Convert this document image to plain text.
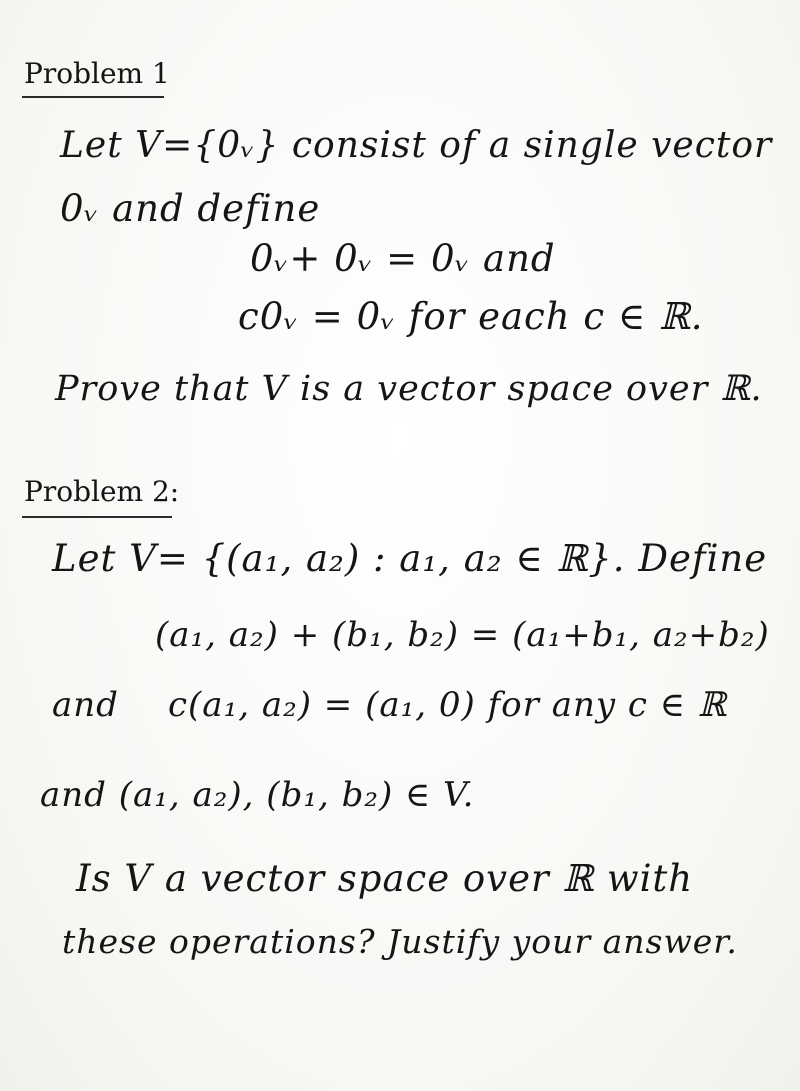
Problem 1
Let V={0ᵥ} consist of a single vector
0ᵥ and define
0ᵥ+ 0ᵥ = 0ᵥ and
c0ᵥ = 0ᵥ for each c ∈ ℝ.
Prove that V is a vector space over ℝ.
Problem 2:
Let V= {(a₁, a₂) : a₁, a₂ ∈ ℝ}. Define
(a₁, a₂) + (b₁, b₂) = (a₁+b₁, a₂+b₂)
and c(a₁, a₂) = (a₁, 0) for any c ∈ ℝ
and (a₁, a₂), (b₁, b₂) ∈ V.
Is V a vector space over ℝ with
these operations? Justify your answer.
